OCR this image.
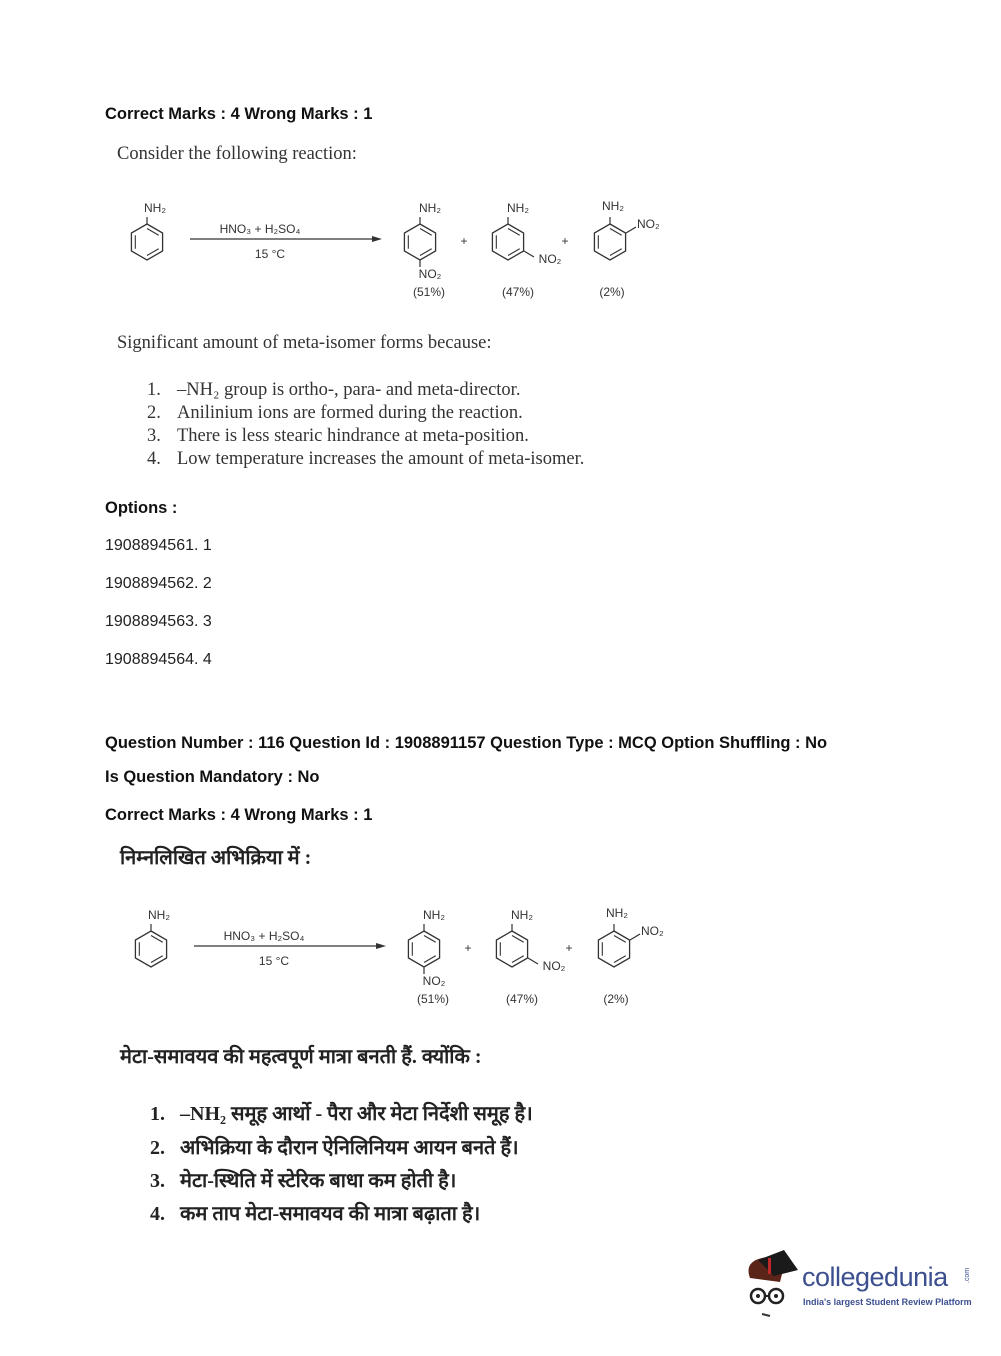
Correct Marks : 4 Wrong Marks : 1
Consider the following reaction:
NH₂
HNO₃ + H₂SO₄
15 °C
NH₂
NO₂
(51%)
+
NH₂
NO₂
(47%)
+
NH₂
NO₂
(2%)
Significant amount of meta-isomer forms because:
1. –NH₂ group is ortho-, para- and meta-director.
2. Anilinium ions are formed during the reaction.
3. There is less stearic hindrance at meta-position.
4. Low temperature increases the amount of meta-isomer.
Options :
1908894561. 1
1908894562. 2
1908894563. 3
1908894564. 4
Question Number : 116 Question Id : 1908891157 Question Type : MCQ Option Shuffling : No
Is Question Mandatory : No
Correct Marks : 4 Wrong Marks : 1
निम्नलिखित अभिक्रिया में :
NH₂
HNO₃ + H₂SO₄
15 °C
NH₂
NO₂
(51%)
+
NH₂
NO₂
(47%)
+
NH₂
NO₂
(2%)
मेटा-समावयव की महत्वपूर्ण मात्रा बनती हैं. क्योंकि :
1. –NH₂ समूह आर्थो - पैरा और मेटा निर्देशी समूह है।
2. अभिक्रिया के दौरान ऐनिलिनियम आयन बनते हैं।
3. मेटा-स्थिति में स्टेरिक बाधा कम होती है।
4. कम ताप मेटा-समावयव की मात्रा बढ़ाता है।
collegedunia .com
India's largest Student Review Platform
